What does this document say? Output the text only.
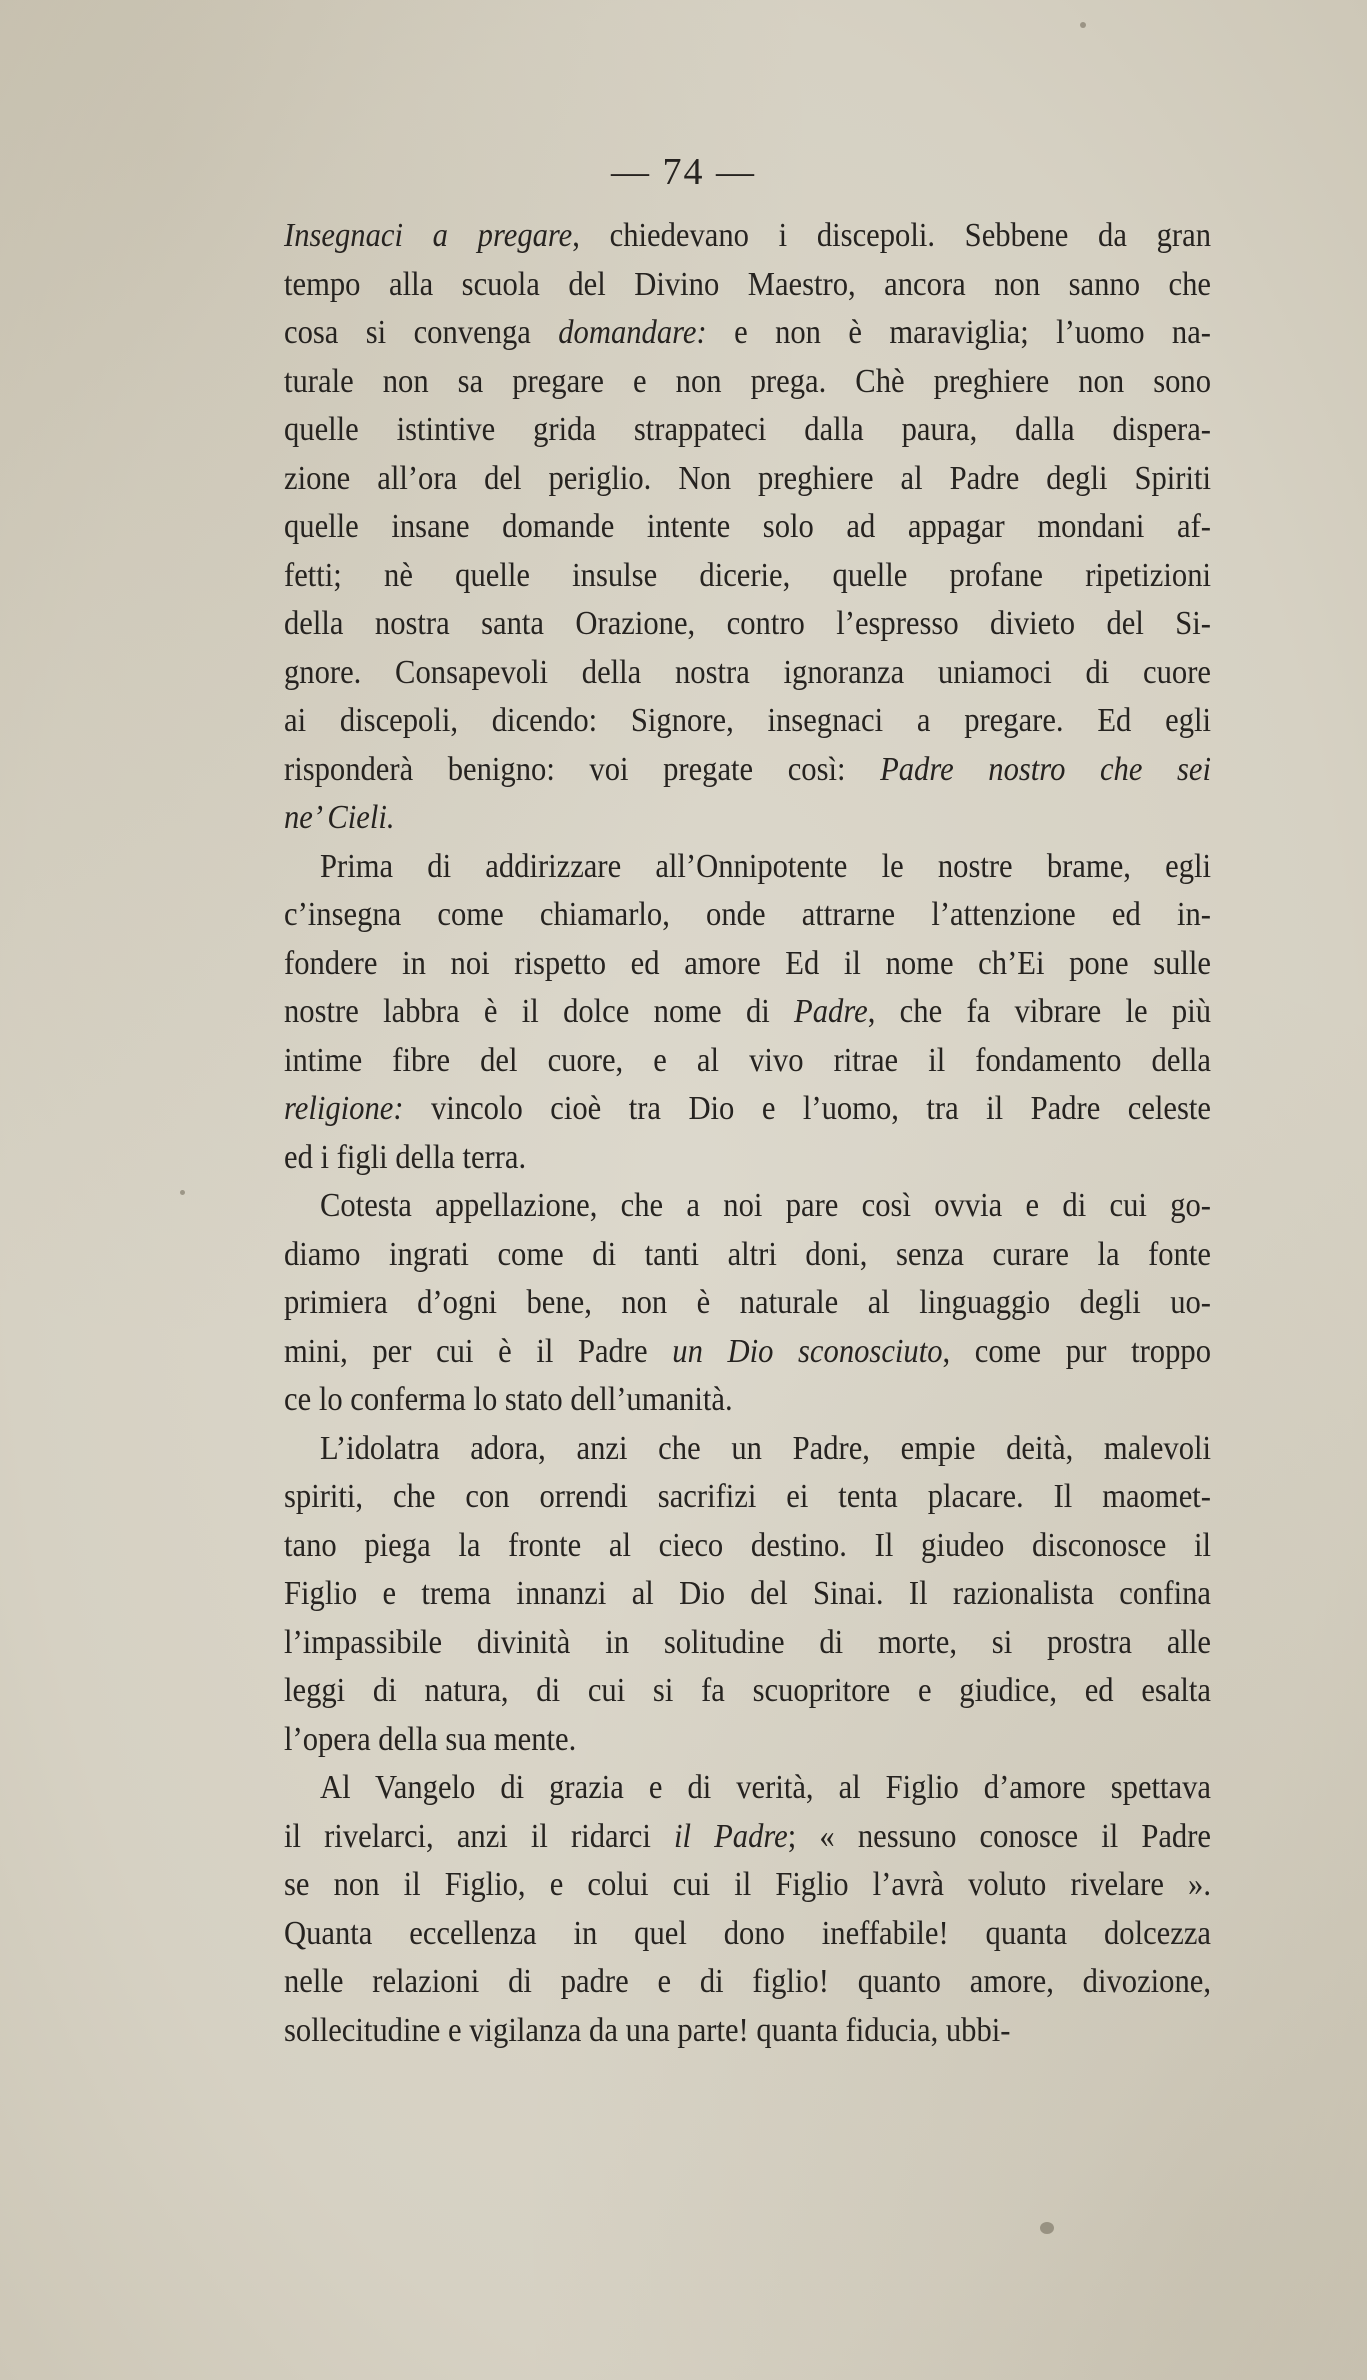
— 74 —

Insegnaci a pregare, chiedevano i discepoli. Sebbene da gran
tempo alla scuola del Divino Maestro, ancora non sanno che
cosa si convenga domandare: e non è maraviglia; l’uomo na-
turale non sa pregare e non prega. Chè preghiere non sono
quelle istintive grida strappateci dalla paura, dalla dispera-
zione all’ora del periglio. Non preghiere al Padre degli Spiriti
quelle insane domande intente solo ad appagar mondani af-
fetti; nè quelle insulse dicerie, quelle profane ripetizioni
della nostra santa Orazione, contro l’espresso divieto del Si-
gnore. Consapevoli della nostra ignoranza uniamoci di cuore
ai discepoli, dicendo: Signore, insegnaci a pregare. Ed egli
risponderà benigno: voi pregate così: Padre nostro che sei
ne’ Cieli.

Prima di addirizzare all’Onnipotente le nostre brame, egli
c’insegna come chiamarlo, onde attrarne l’attenzione ed in-
fondere in noi rispetto ed amore Ed il nome ch’Ei pone sulle
nostre labbra è il dolce nome di Padre, che fa vibrare le più
intime fibre del cuore, e al vivo ritrae il fondamento della
religione: vincolo cioè tra Dio e l’uomo, tra il Padre celeste
ed i figli della terra.

Cotesta appellazione, che a noi pare così ovvia e di cui go-
diamo ingrati come di tanti altri doni, senza curare la fonte
primiera d’ogni bene, non è naturale al linguaggio degli uo-
mini, per cui è il Padre un Dio sconosciuto, come pur troppo
ce lo conferma lo stato dell’umanità.

L’idolatra adora, anzi che un Padre, empie deità, malevoli
spiriti, che con orrendi sacrifizi ei tenta placare. Il maomet-
tano piega la fronte al cieco destino. Il giudeo disconosce il
Figlio e trema innanzi al Dio del Sinai. Il razionalista confina
l’impassibile divinità in solitudine di morte, si prostra alle
leggi di natura, di cui si fa scuopritore e giudice, ed esalta
l’opera della sua mente.

Al Vangelo di grazia e di verità, al Figlio d’amore spettava
il rivelarci, anzi il ridarci il Padre; « nessuno conosce il Padre
se non il Figlio, e colui cui il Figlio l’avrà voluto rivelare ».
Quanta eccellenza in quel dono ineffabile! quanta dolcezza
nelle relazioni di padre e di figlio! quanto amore, divozione,
sollecitudine e vigilanza da una parte! quanta fiducia, ubbi-
